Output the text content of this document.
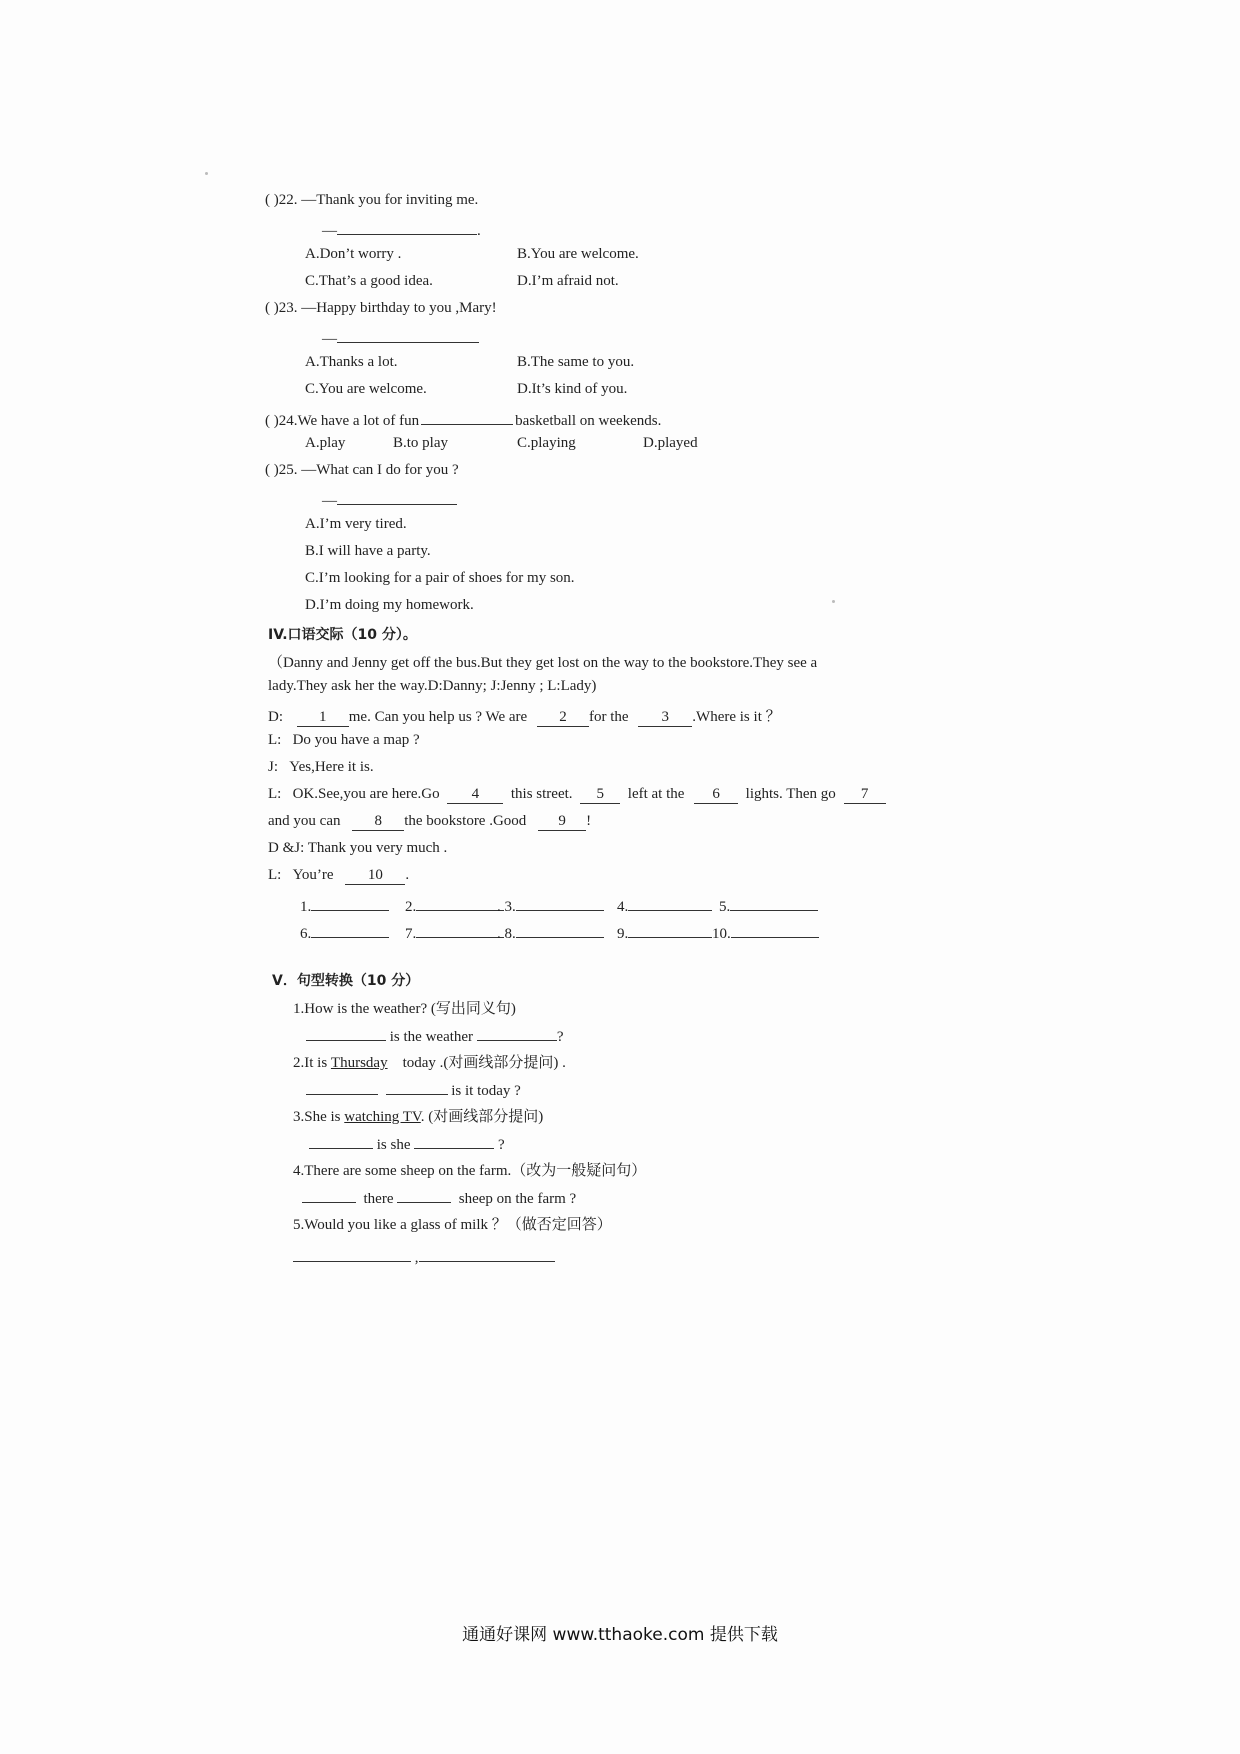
( )22. —Thank you for inviting me.
—	.
A.Don’t worry .	B.You are welcome.
C.That’s a good idea.	D.I’m afraid not.
( )23. —Happy birthday to you ,Mary!
—
A.Thanks a lot.	B.The same to you.
C.You are welcome.	D.It’s kind of you.
( )24.We have a lot of fun	basketball on weekends.
A.play	B.to play	C.playing	D.played
( )25. —What can I do for you ?
—
A.I’m very tired.
B.I will have a party.
C.I’m looking for a pair of shoes for my son.
D.I’m doing my homework.
IV.口语交际（10 分）。
（Danny and Jenny get off the bus.But they get lost on the way to the bookstore.They see a
lady.They ask her the way.D:Danny; J:Jenny ; L:Lady)
D: 1 me. Can you help us ? We are 2 for the 3 .Where is it ？
L: Do you have a map ?
J: Yes,Here it is.
L: OK.See,you are here.Go 4 this street. 5 left at the 6 lights. Then go 7
and you can 8 the bookstore .Good 9 !
D &J: Thank you very much .
L: You’re 10 .
1.	2.	. 3.	4.	5.
6.	7.	. 8.	9.	10.
V．句型转换（10 分）
1.How is the weather? (写出同义句)
is the weather	?
2.It is Thursday today .(对画线部分提问) .
is it today ?
3.She is watching TV. (对画线部分提问)
is she	?
4.There are some sheep on the farm.（改为一般疑问句）
there	sheep on the farm ?
5.Would you like a glass of milk ？（做否定回答）
,
通通好课网 www.tthaoke.com 提供下载
